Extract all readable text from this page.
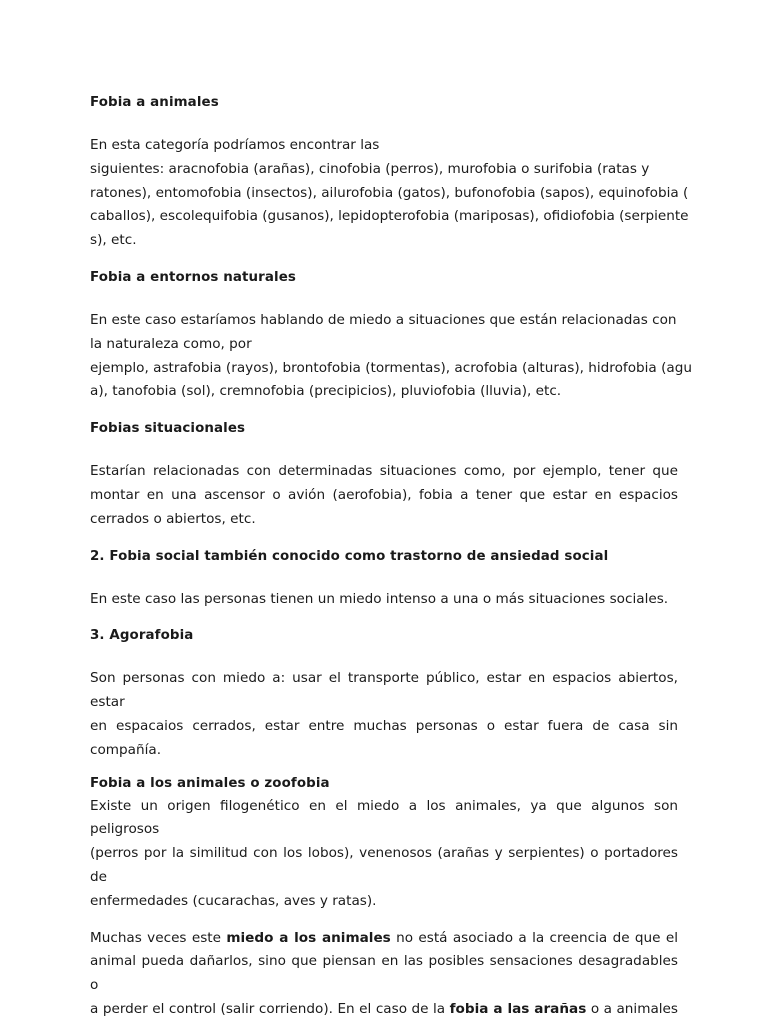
Fobia a animales

En esta categoría podríamos encontrar las
siguientes: aracnofobia (arañas), cinofobia (perros), murofobia o surifobia (ratas y
ratones), entomofobia (insectos), ailurofobia (gatos), bufonofobia (sapos), equinofobia (
caballos), escolequifobia (gusanos), lepidopterofobia (mariposas), ofidiofobia (serpiente
s), etc.

Fobia a entornos naturales

En este caso estaríamos hablando de miedo a situaciones que están relacionadas con
la naturaleza como, por
ejemplo, astrafobia (rayos), brontofobia (tormentas), acrofobia (alturas), hidrofobia (agu
a), tanofobia (sol), cremnofobia (precipicios), pluviofobia (lluvia), etc.

Fobias situacionales

Estarían relacionadas con determinadas situaciones como, por ejemplo, tener que
montar en una ascensor o avión (aerofobia), fobia a tener que estar en espacios
cerrados o abiertos, etc.

2. Fobia social también conocido como trastorno de ansiedad social

En este caso las personas tienen un miedo intenso a una o más situaciones sociales.

3. Agorafobia

Son personas con miedo a: usar el transporte público, estar en espacios abiertos, estar
en espacaios cerrados, estar entre muchas personas o estar fuera de casa sin
compañía.

Fobia a los animales o zoofobia

Existe un origen filogenético en el miedo a los animales, ya que algunos son peligrosos
(perros por la similitud con los lobos), venenosos (arañas y serpientes) o portadores de
enfermedades (cucarachas, aves y ratas).

Muchas veces este miedo a los animales no está asociado a la creencia de que el
animal pueda dañarlos, sino que piensan en las posibles sensaciones desagradables o
a perder el control (salir corriendo). En el caso de la fobia a las arañas o a animales
